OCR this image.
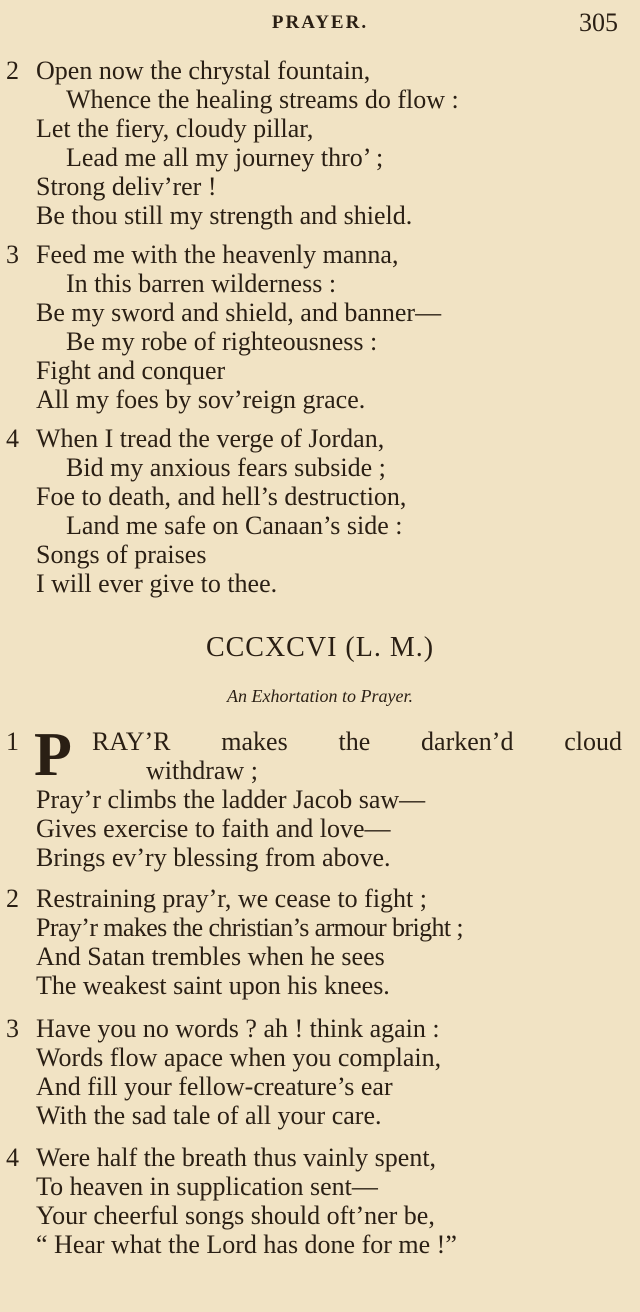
PRAYER.	305
2 Open now the chrystal fountain,
Whence the healing streams do flow :
Let the fiery, cloudy pillar,
Lead me all my journey thro’ ;
Strong deliv’rer !
Be thou still my strength and shield.
3 Feed me with the heavenly manna,
In this barren wilderness :
Be my sword and shield, and banner—
Be my robe of righteousness :
Fight and conquer
All my foes by sov’reign grace.
4 When I tread the verge of Jordan,
Bid my anxious fears subside ;
Foe to death, and hell’s destruction,
Land me safe on Canaan’s side :
Songs of praises
I will ever give to thee.
CCCXCVI (L. M.)
An Exhortation to Prayer.
1 P RAY’R makes the darken’d cloud
withdraw ;
Pray’r climbs the ladder Jacob saw—
Gives exercise to faith and love—
Brings ev’ry blessing from above.
2 Restraining pray’r, we cease to fight ;
Pray’r makes the christian’s armour bright ;
And Satan trembles when he sees
The weakest saint upon his knees.
3 Have you no words ? ah ! think again :
Words flow apace when you complain,
And fill your fellow-creature’s ear
With the sad tale of all your care.
4 Were half the breath thus vainly spent,
To heaven in supplication sent—
Your cheerful songs should oft’ner be,
“ Hear what the Lord has done for me !”
